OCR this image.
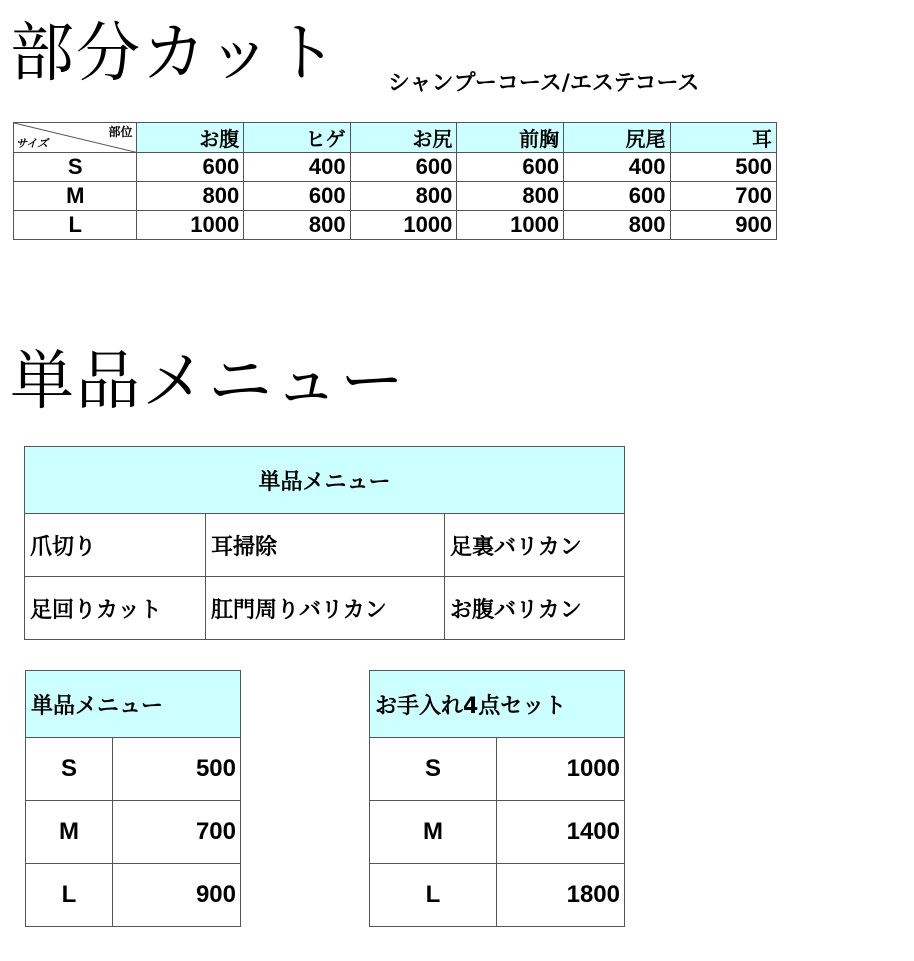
部分カット シャンプーコース/エステコース
部位
サイズ	お腹	ヒゲ	お尻	前胸	尻尾	耳
S	600	400	600	600	400	500
M	800	600	800	800	600	700
L	1000	800	1000	1000	800	900
単品メニュー
単品メニュー		
爪切り	耳掃除	足裏バリカン
足回りカット	肛門周りバリカン	お腹バリカン
単品メニュー	
S	500
M	700
L	900
お手入れ4点セット	
S	1000
M	1400
L	1800
